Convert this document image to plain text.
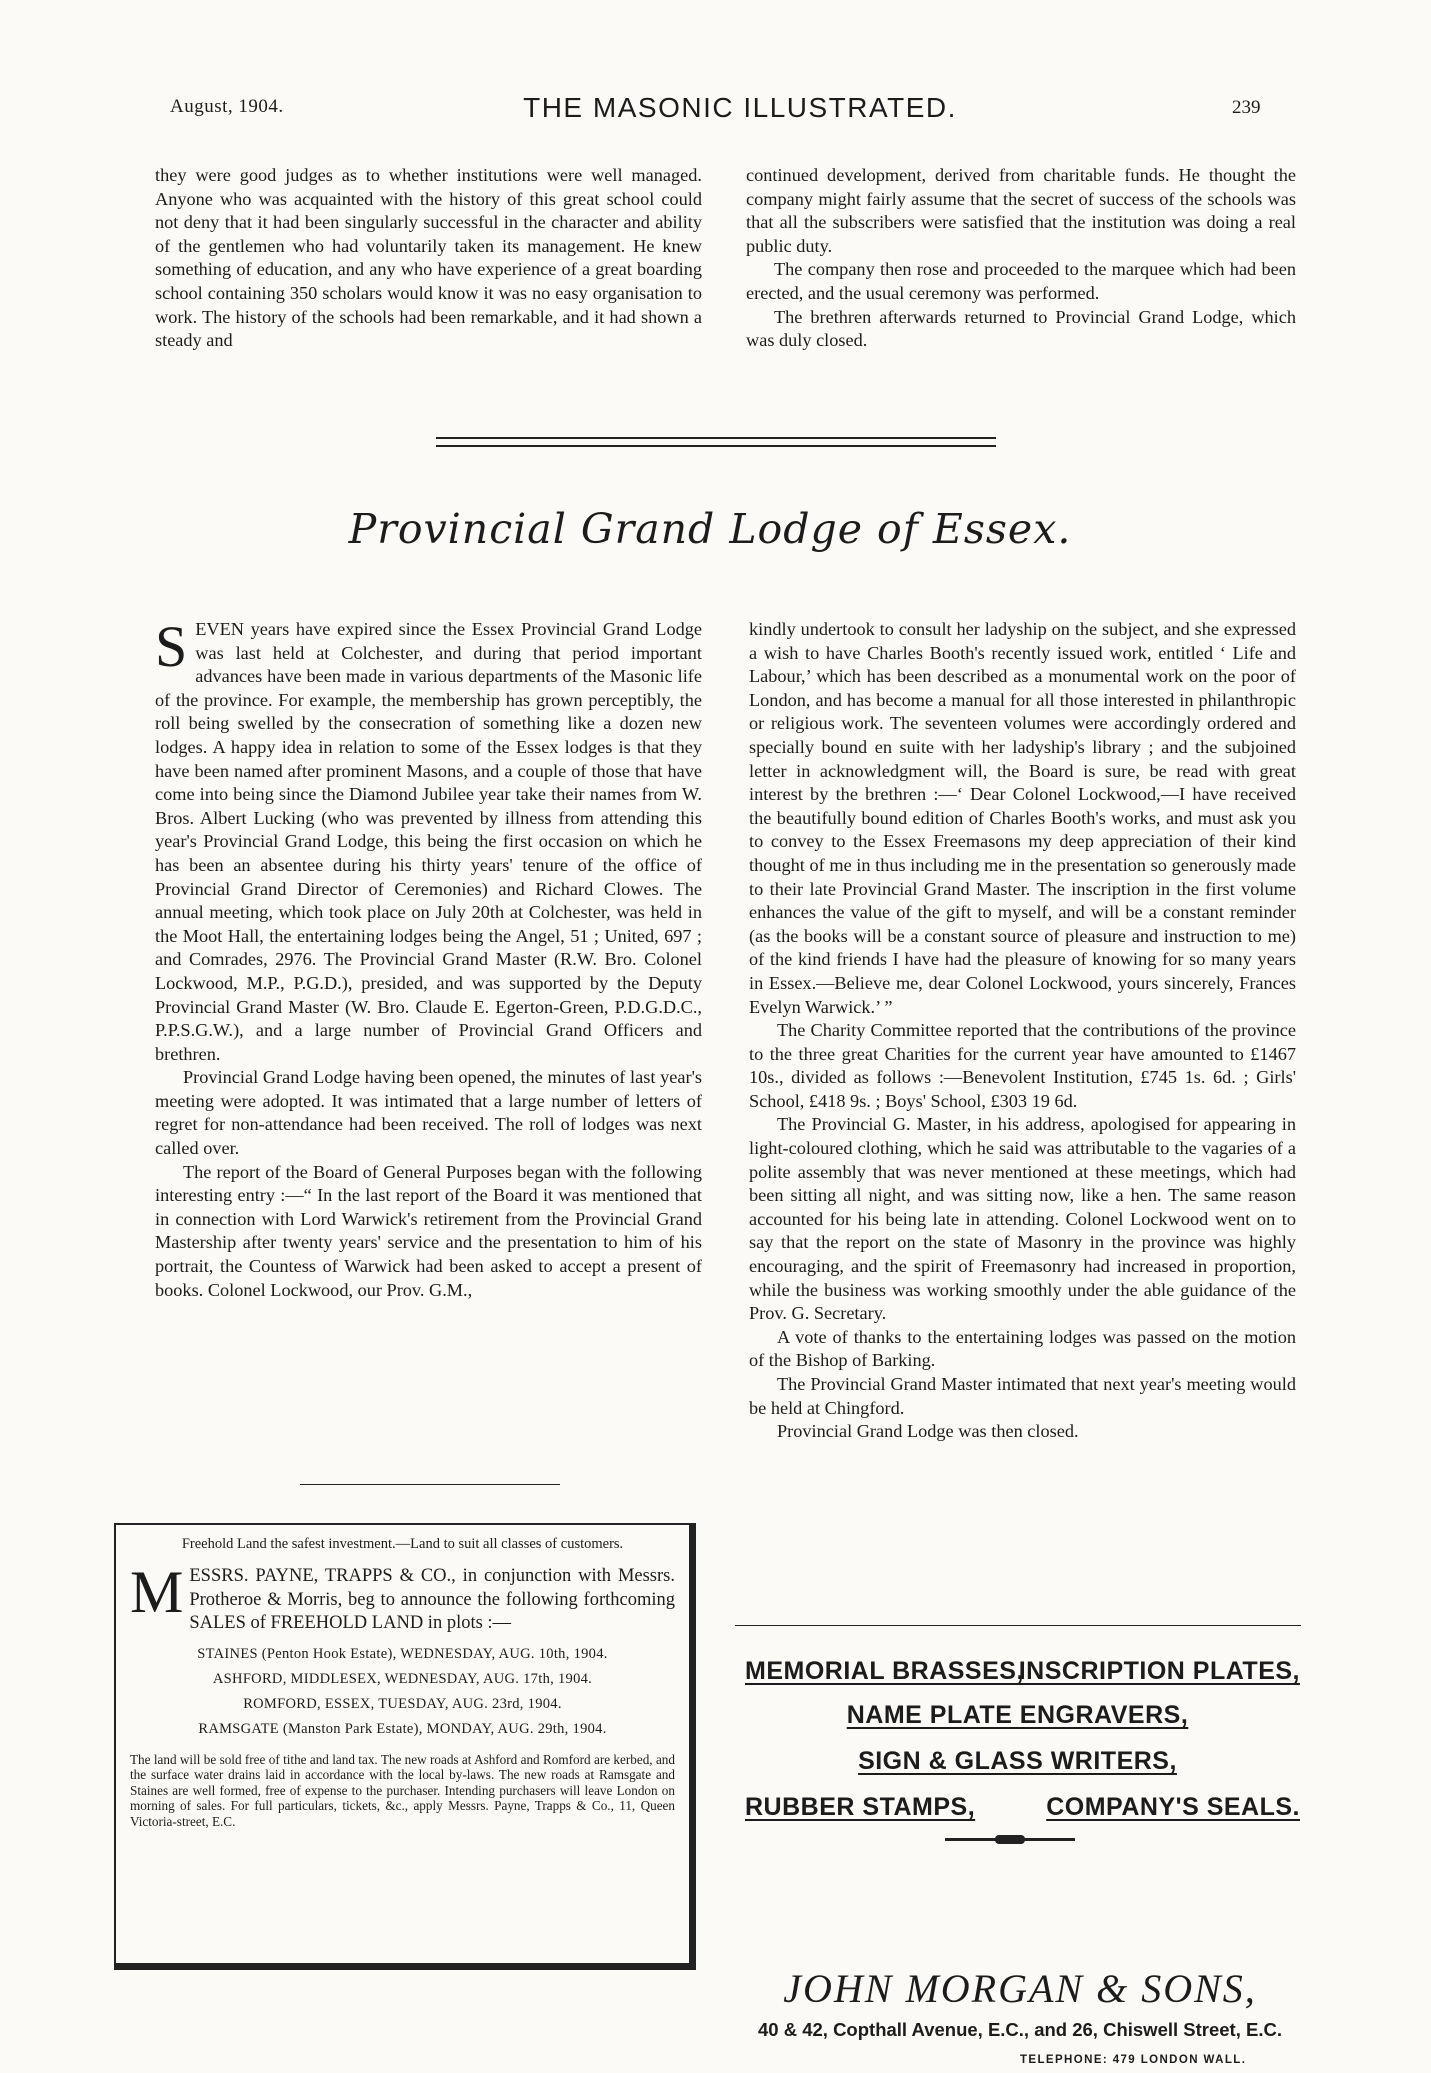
August, 1904.	THE MASONIC ILLUSTRATED.	239

they were good judges as to whether institutions were well managed. Anyone who was acquainted with the history of this great school could not deny that it had been singularly successful in the character and ability of the gentlemen who had voluntarily taken its management. He knew something of education, and any who have experience of a great boarding school containing 350 scholars would know it was no easy organisation to work. The history of the schools had been remarkable, and it had shown a steady and

continued development, derived from charitable funds. He thought the company might fairly assume that the secret of success of the schools was that all the subscribers were satisfied that the institution was doing a real public duty.

The company then rose and proceeded to the marquee which had been erected, and the usual ceremony was performed.

The brethren afterwards returned to Provincial Grand Lodge, which was duly closed.

Provincial Grand Lodge of Essex.

SEVEN years have expired since the Essex Provincial Grand Lodge was last held at Colchester, and during that period important advances have been made in various departments of the Masonic life of the province. For example, the membership has grown perceptibly, the roll being swelled by the consecration of something like a dozen new lodges. A happy idea in relation to some of the Essex lodges is that they have been named after prominent Masons, and a couple of those that have come into being since the Diamond Jubilee year take their names from W. Bros. Albert Lucking (who was prevented by illness from attending this year's Provincial Grand Lodge, this being the first occasion on which he has been an absentee during his thirty years' tenure of the office of Provincial Grand Director of Ceremonies) and Richard Clowes. The annual meeting, which took place on July 20th at Colchester, was held in the Moot Hall, the entertaining lodges being the Angel, 51 ; United, 697 ; and Comrades, 2976. The Provincial Grand Master (R.W. Bro. Colonel Lockwood, M.P., P.G.D.), presided, and was supported by the Deputy Provincial Grand Master (W. Bro. Claude E. Egerton-Green, P.D.G.D.C., P.P.S.G.W.), and a large number of Provincial Grand Officers and brethren.

Provincial Grand Lodge having been opened, the minutes of last year's meeting were adopted. It was intimated that a large number of letters of regret for non-attendance had been received. The roll of lodges was next called over.

The report of the Board of General Purposes began with the following interesting entry :—“ In the last report of the Board it was mentioned that in connection with Lord Warwick's retirement from the Provincial Grand Mastership after twenty years' service and the presentation to him of his portrait, the Countess of Warwick had been asked to accept a present of books. Colonel Lockwood, our Prov. G.M.,

kindly undertook to consult her ladyship on the subject, and she expressed a wish to have Charles Booth's recently issued work, entitled ‘ Life and Labour,’ which has been described as a monumental work on the poor of London, and has become a manual for all those interested in philanthropic or religious work. The seventeen volumes were accordingly ordered and specially bound en suite with her ladyship's library ; and the subjoined letter in acknowledgment will, the Board is sure, be read with great interest by the brethren :—‘ Dear Colonel Lockwood,—I have received the beautifully bound edition of Charles Booth's works, and must ask you to convey to the Essex Freemasons my deep appreciation of their kind thought of me in thus including me in the presentation so generously made to their late Provincial Grand Master. The inscription in the first volume enhances the value of the gift to myself, and will be a constant reminder (as the books will be a constant source of pleasure and instruction to me) of the kind friends I have had the pleasure of knowing for so many years in Essex.—Believe me, dear Colonel Lockwood, yours sincerely, Frances Evelyn Warwick.’ ”

The Charity Committee reported that the contributions of the province to the three great Charities for the current year have amounted to £1467 10s., divided as follows :—Benevolent Institution, £745 1s. 6d. ; Girls' School, £418 9s. ; Boys' School, £303 19 6d.

The Provincial G. Master, in his address, apologised for appearing in light-coloured clothing, which he said was attributable to the vagaries of a polite assembly that was never mentioned at these meetings, which had been sitting all night, and was sitting now, like a hen. The same reason accounted for his being late in attending. Colonel Lockwood went on to say that the report on the state of Masonry in the province was highly encouraging, and the spirit of Freemasonry had increased in proportion, while the business was working smoothly under the able guidance of the Prov. G. Secretary.

A vote of thanks to the entertaining lodges was passed on the motion of the Bishop of Barking.

The Provincial Grand Master intimated that next year's meeting would be held at Chingford.

Provincial Grand Lodge was then closed.

Freehold Land the safest investment.—Land to suit all classes of customers.
MESSRS. PAYNE, TRAPPS & CO., in conjunction with Messrs. Protheroe & Morris, beg to announce the following forthcoming SALES of FREEHOLD LAND in plots :—
STAINES (Penton Hook Estate), WEDNESDAY, AUG. 10th, 1904.
ASHFORD, MIDDLESEX, WEDNESDAY, AUG. 17th, 1904.
ROMFORD, ESSEX, TUESDAY, AUG. 23rd, 1904.
RAMSGATE (Manston Park Estate), MONDAY, AUG. 29th, 1904.
The land will be sold free of tithe and land tax. The new roads at Ashford and Romford are kerbed, and the surface water drains laid in accordance with the local by-laws. The new roads at Ramsgate and Staines are well formed, free of expense to the purchaser. Intending purchasers will leave London on morning of sales. For full particulars, tickets, &c., apply Messrs. Payne, Trapps & Co., 11, Queen Victoria-street, E.C.
MEMORIAL BRASSES,
INSCRIPTION PLATES,
NAME PLATE ENGRAVERS,
SIGN & GLASS WRITERS,
RUBBER STAMPS,	COMPANY'S SEALS.
JOHN MORGAN & SONS,
40 & 42, Copthall Avenue, E.C., and 26, Chiswell Street, E.C.
TELEPHONE: 479 LONDON WALL.
